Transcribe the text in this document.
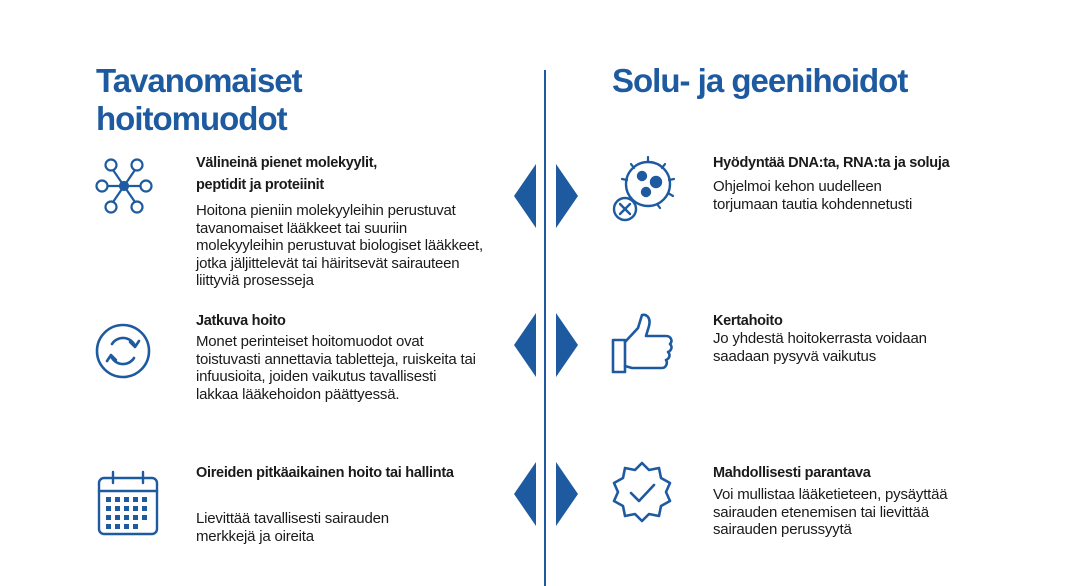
Tavanomaiset hoitomuodot
Solu- ja geenihoidot

Välineinä pienet molekyylit, peptidit ja proteiinit

Hoitona pieniin molekyyleihin perustuvat tavanomaiset lääkkeet tai suuriin molekyyleihin perustuvat biologiset lääkkeet, jotka jäljittelevät tai häiritsevät sairauteen liittyviä prosesseja

Jatkuva hoito

Monet perinteiset hoitomuodot ovat toistuvasti annettavia tabletteja, ruiskeita tai infuusioita, joiden vaikutus tavallisesti lakkaa lääkehoidon päättyessä.

Oireiden pitkäaikainen hoito tai hallinta

Lievittää tavallisesti sairauden merkkejä ja oireita

Hyödyntää DNA:ta, RNA:ta ja soluja

Ohjelmoi kehon uudelleen torjumaan tautia kohdennetusti

Kertahoito

Jo yhdestä hoitokerrasta voidaan saadaan pysyvä vaikutus

Mahdollisesti parantava

Voi mullistaa lääketieteen, pysäyttää sairauden etenemisen tai lievittää sairauden perussyytä
